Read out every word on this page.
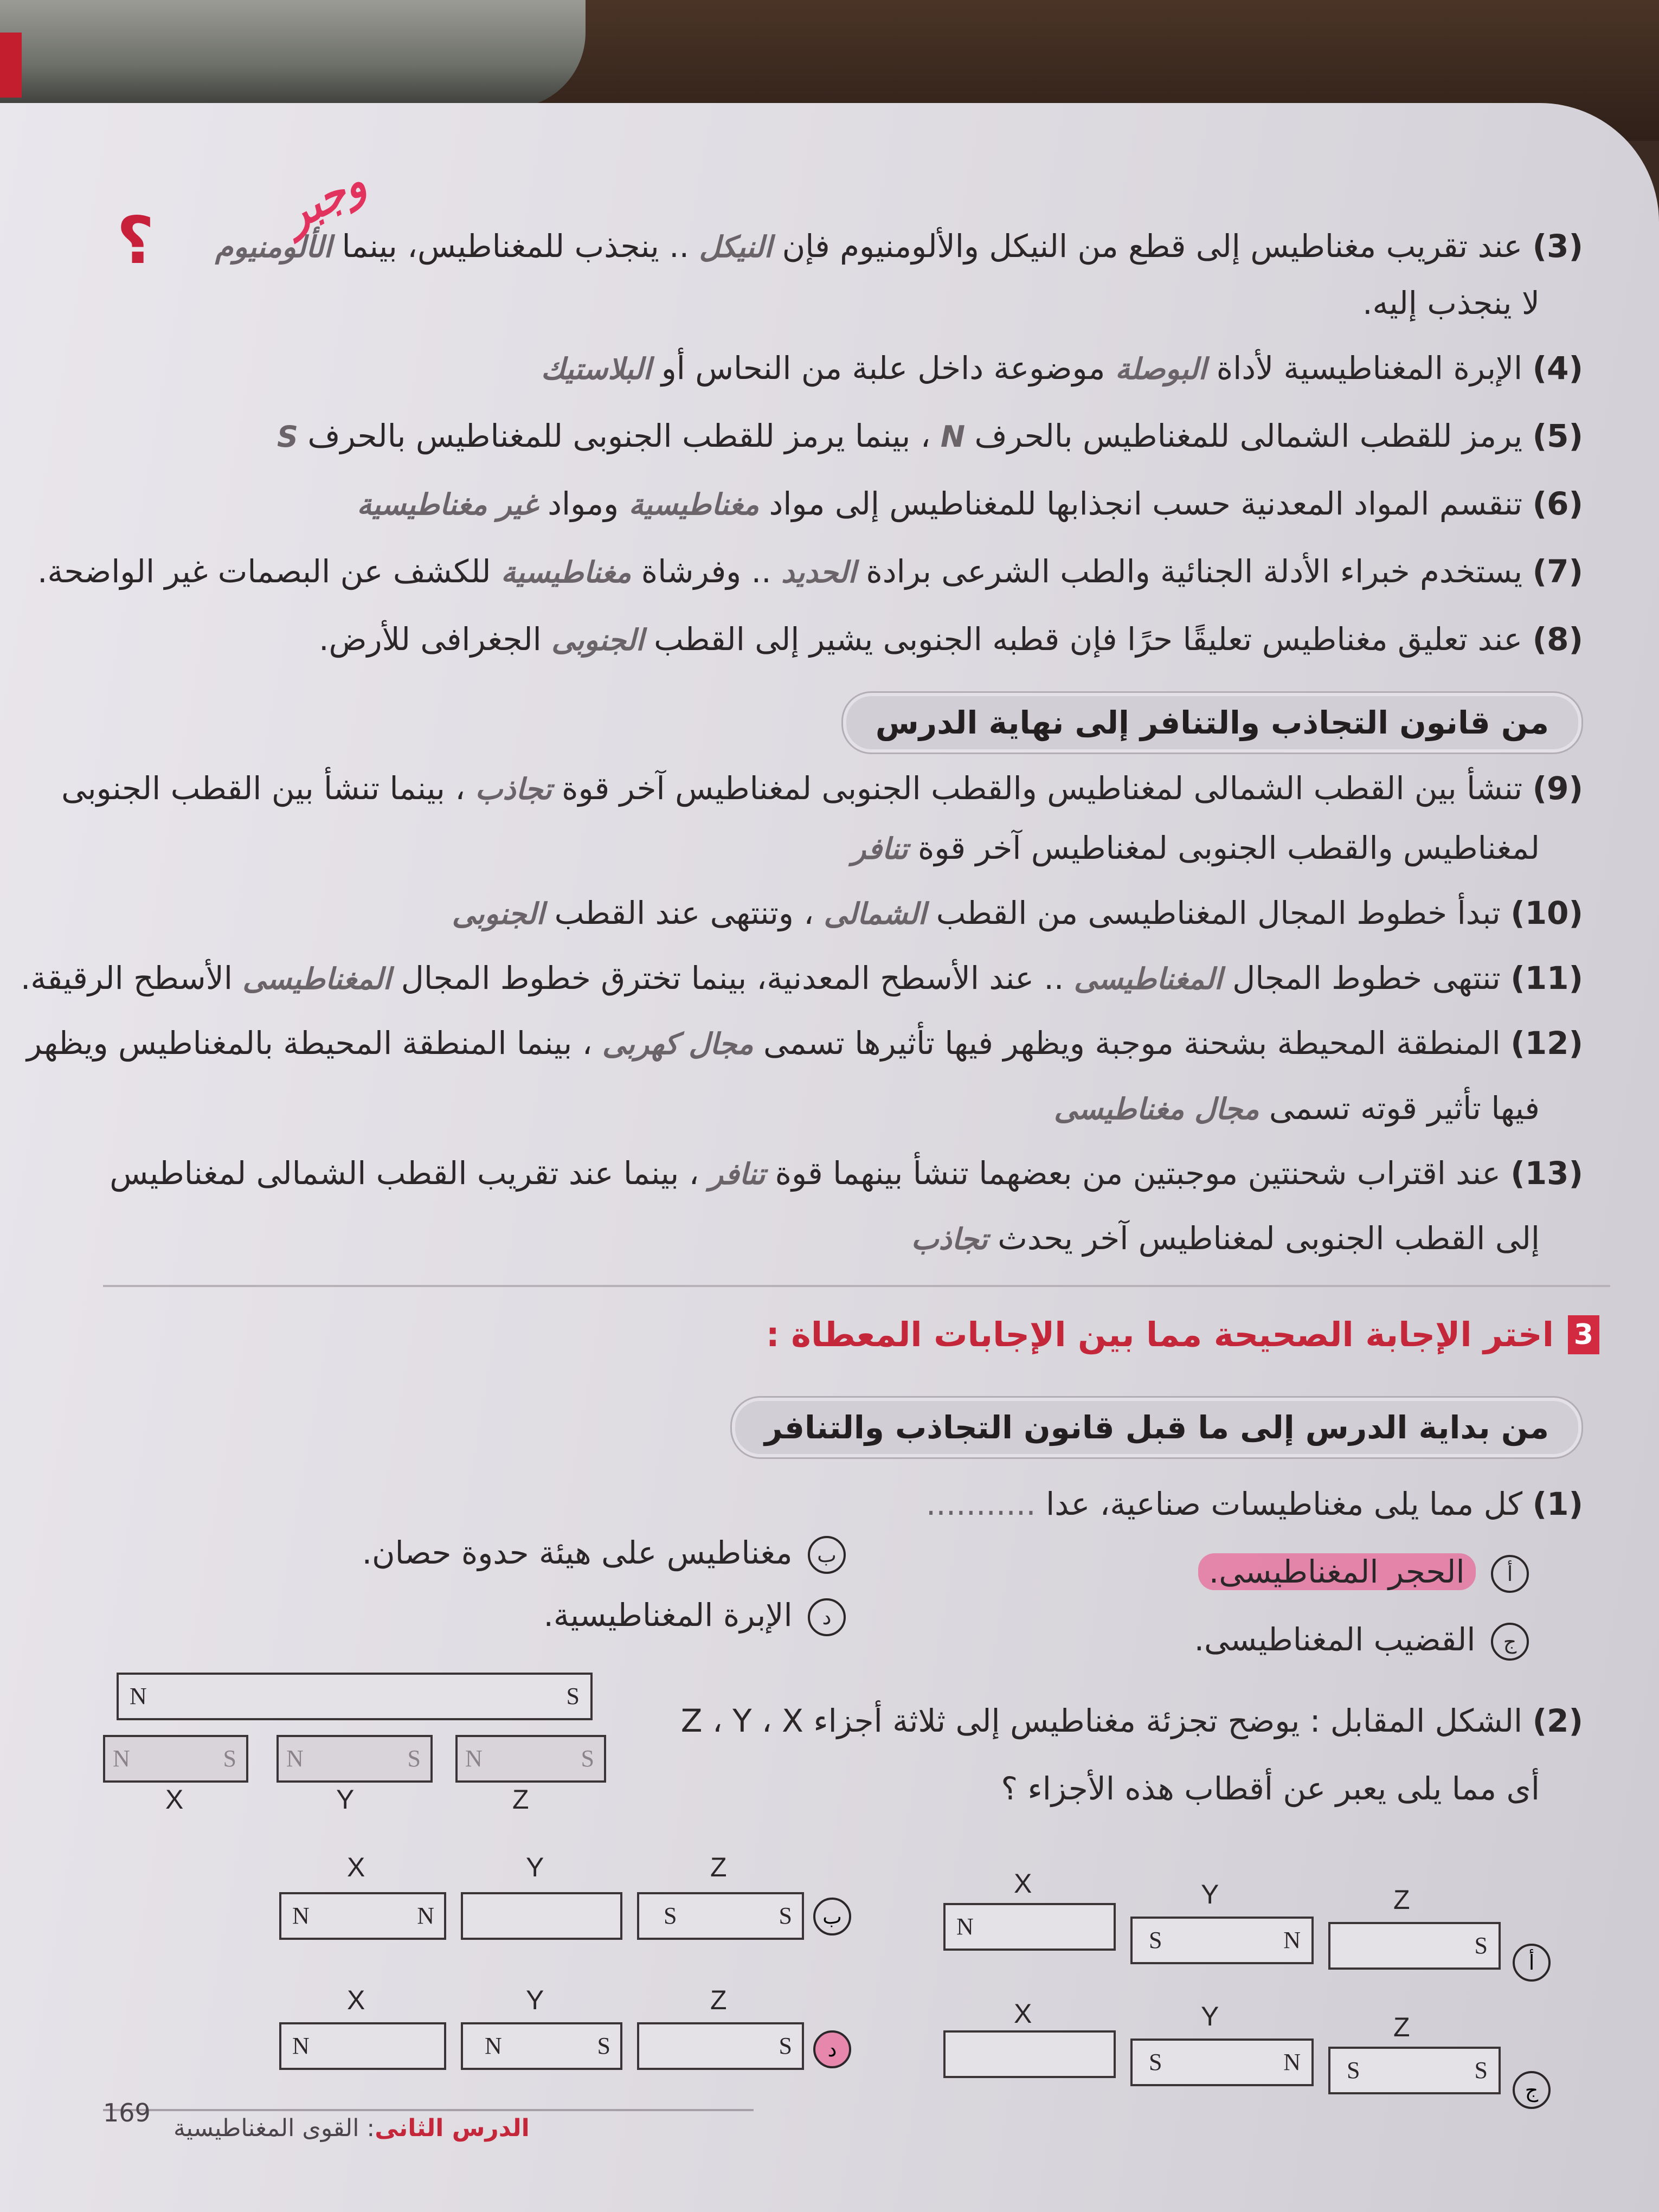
؟
وجبر
(3) عند تقريب مغناطيس إلى قطع من النيكل والألومنيوم فإن النيكل .. ينجذب للمغناطيس، بينما الألومنيوم
لا ينجذب إليه.
(4) الإبرة المغناطيسية لأداة البوصلة موضوعة داخل علبة من النحاس أو البلاستيك
(5) يرمز للقطب الشمالى للمغناطيس بالحرف N ، بينما يرمز للقطب الجنوبى للمغناطيس بالحرف S
(6) تنقسم المواد المعدنية حسب انجذابها للمغناطيس إلى مواد مغناطيسية ومواد غير مغناطيسية
(7) يستخدم خبراء الأدلة الجنائية والطب الشرعى برادة الحديد .. وفرشاة مغناطيسية للكشف عن البصمات غير الواضحة.
(8) عند تعليق مغناطيس تعليقًا حرًا فإن قطبه الجنوبى يشير إلى القطب الجنوبى الجغرافى للأرض.
من قانون التجاذب والتنافر إلى نهاية الدرس
(9) تنشأ بين القطب الشمالى لمغناطيس والقطب الجنوبى لمغناطيس آخر قوة تجاذب ، بينما تنشأ بين القطب الجنوبى
لمغناطيس والقطب الجنوبى لمغناطيس آخر قوة تنافر
(10) تبدأ خطوط المجال المغناطيسى من القطب الشمالى ، وتنتهى عند القطب الجنوبى
(11) تنتهى خطوط المجال المغناطيسى .. عند الأسطح المعدنية، بينما تخترق خطوط المجال المغناطيسى الأسطح الرقيقة.
(12) المنطقة المحيطة بشحنة موجبة ويظهر فيها تأثيرها تسمى مجال كهربى ، بينما المنطقة المحيطة بالمغناطيس ويظهر
فيها تأثير قوته تسمى مجال مغناطيسى
(13) عند اقتراب شحنتين موجبتين من بعضهما تنشأ بينهما قوة تنافر ، بينما عند تقريب القطب الشمالى لمغناطيس
إلى القطب الجنوبى لمغناطيس آخر يحدث تجاذب
3
اختر الإجابة الصحيحة مما بين الإجابات المعطاة :
من بداية الدرس إلى ما قبل قانون التجاذب والتنافر
(1) كل مما يلى مغناطيسات صناعية، عدا ...........
أ الحجر المغناطيسى.
ب مغناطيس على هيئة حدوة حصان.
ج القضيب المغناطيسى.
د الإبرة المغناطيسية.
(2) الشكل المقابل : يوضح تجزئة مغناطيس إلى ثلاثة أجزاء Z ، Y ، X
أى مما يلى يعبر عن أقطاب هذه الأجزاء ؟
N	S
N	S N	S N	S
X	Y	Z
X	Y	Z
N	N	S	S	ب
X	Y	Z
N
S	N	S
أ
X	Y	Z
N	N	S	S	د
X	Y	Z
S	N S	S
ج
169
الدرس الثانى: القوى المغناطيسية
